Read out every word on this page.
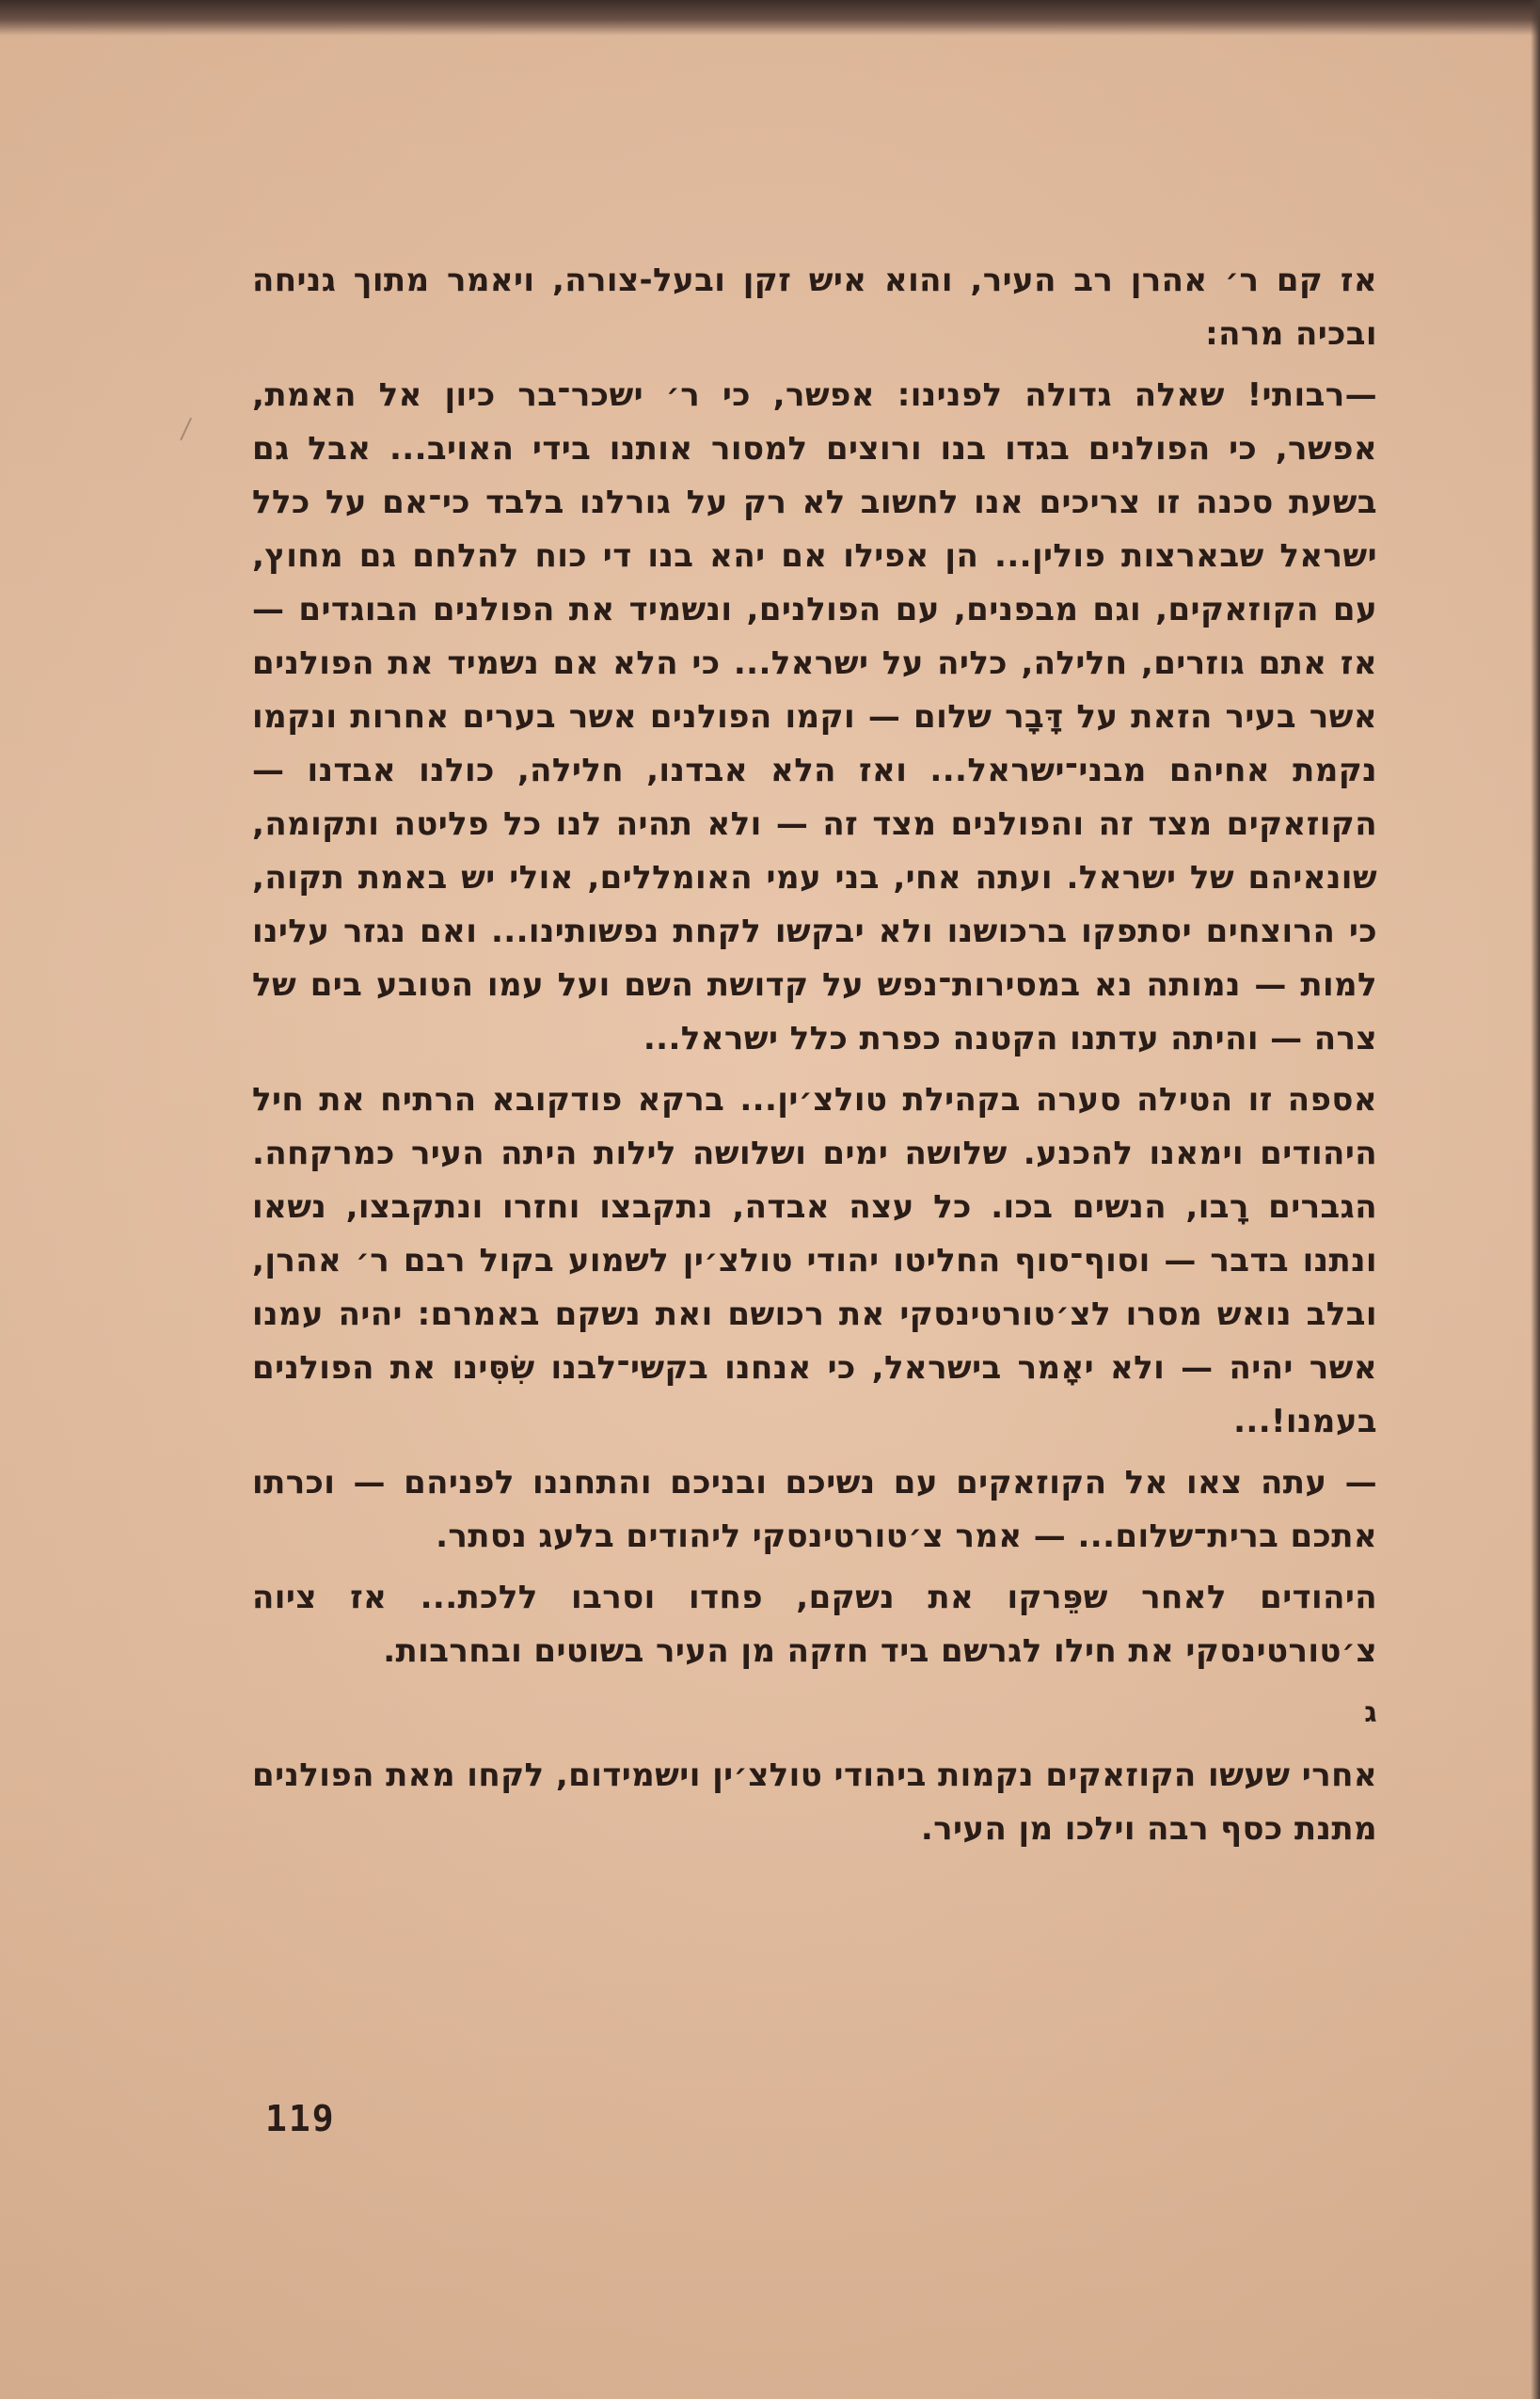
אז קם ר׳ אהרן רב העיר, והוא איש זקן ובעל-צורה, ויאמר מתוך גניחה ובכיה מרה:

—רבותי! שאלה גדולה לפנינו: אפשר, כי ר׳ ישכר־בר כיון אל האמת, אפשר, כי הפולנים בגדו בנו ורוצים למסור אותנו בידי האויב... אבל גם בשעת סכנה זו צריכים אנו לחשוב לא רק על גורלנו בלבד כי־אם על כלל ישראל שבארצות פולין... הן אפילו אם יהא בנו די כוח להלחם גם מחוץ, עם הקוזאקים, וגם מבפנים, עם הפולנים, ונשמיד את הפולנים הבוגדים — אז אתם גוזרים, חלילה, כליה על ישראל... כי הלא אם נשמיד את הפולנים אשר בעיר הזאת על דָּבָר שלום — וקמו הפולנים אשר בערים אחרות ונקמו נקמת אחיהם מבני־ישראל... ואז הלא אבדנו, חלילה, כולנו אבדנו — הקוזאקים מצד זה והפולנים מצד זה — ולא תהיה לנו כל פליטה ותקומה, שונאיהם של ישראל. ועתה אחי, בני עמי האומללים, אולי יש באמת תקוה, כי הרוצחים יסתפקו ברכושנו ולא יבקשו לקחת נפשותינו... ואם נגזר עלינו למות — נמותה נא במסירות־נפש על קדושת השם ועל עמו הטובע בים של צרה — והיתה עדתנו הקטנה כפרת כלל ישראל...

אספה זו הטילה סערה בקהילת טולצ׳ין... ברקא פודקובא הרתיח את חיל היהודים וימאנו להכנע. שלושה ימים ושלושה לילות היתה העיר כמרקחה. הגברים רָבו, הנשים בכו. כל עצה אבדה, נתקבצו וחזרו ונתקבצו, נשאו ונתנו בדבר — וסוף־סוף החליטו יהודי טולצ׳ין לשמוע בקול רבם ר׳ אהרן, ובלב נואש מסרו לצ׳טורטינסקי את רכושם ואת נשקם באמרם: יהיה עמנו אשר יהיה — ולא יאָמר בישראל, כי אנחנו בקשי־לבנו שִׂסִּינו את הפולנים בעמנו!...

— עתה צאו אל הקוזאקים עם נשיכם ובניכם והתחננו לפניהם — וכרתו אתכם ברית־שלום... — אמר צ׳טורטינסקי ליהודים בלעג נסתר.

היהודים לאחר שפֵּרקו את נשקם, פחדו וסרבו ללכת... אז ציוה צ׳טורטינסקי את חילו לגרשם ביד חזקה מן העיר בשוטים ובחרבות.

ג

אחרי שעשו הקוזאקים נקמות ביהודי טולצ׳ין וישמידום, לקחו מאת הפולנים מתנת כסף רבה וילכו מן העיר.

119
